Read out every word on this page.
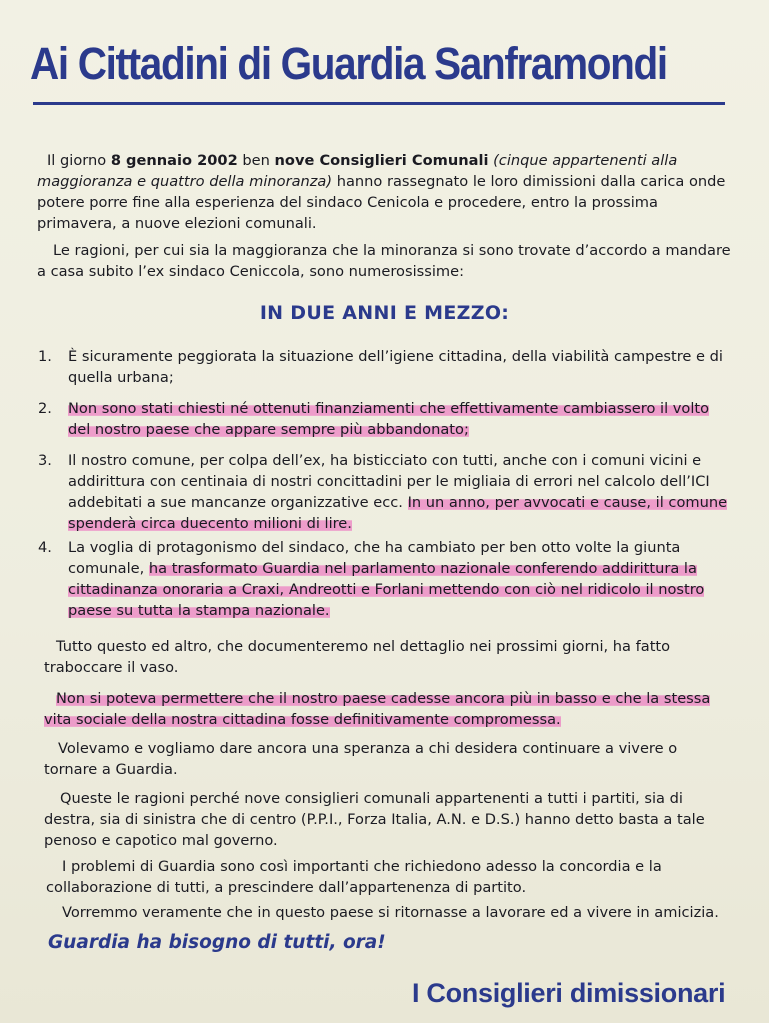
Ai Cittadini di Guardia Sanframondi
Il giorno 8 gennaio 2002 ben nove Consiglieri Comunali (cinque appartenenti alla maggioranza e quattro della minoranza) hanno rassegnato le loro dimissioni dalla carica onde potere porre fine alla esperienza del sindaco Cenicola e procedere, entro la prossima primavera, a nuove elezioni comunali.
Le ragioni, per cui sia la maggioranza che la minoranza si sono trovate d’accordo a mandare a casa subito l’ex sindaco Ceniccola, sono numerosissime:
IN DUE ANNI E MEZZO:
1. È sicuramente peggiorata la situazione dell’igiene cittadina, della viabilità campestre e di quella urbana;
2. Non sono stati chiesti né ottenuti finanziamenti che effettivamente cambiassero il volto del nostro paese che appare sempre più abbandonato;
3. Il nostro comune, per colpa dell’ex, ha bisticciato con tutti, anche con i comuni vicini e addirittura con centinaia di nostri concittadini per le migliaia di errori nel calcolo dell’ICI addebitati a sue mancanze organizzative ecc. In un anno, per avvocati e cause, il comune spenderà circa duecento milioni di lire.
4. La voglia di protagonismo del sindaco, che ha cambiato per ben otto volte la giunta comunale, ha trasformato Guardia nel parlamento nazionale conferendo addirittura la cittadinanza onoraria a Craxi, Andreotti e Forlani mettendo con ciò nel ridicolo il nostro paese su tutta la stampa nazionale.
Tutto questo ed altro, che documenteremo nel dettaglio nei prossimi giorni, ha fatto traboccare il vaso.
Non si poteva permettere che il nostro paese cadesse ancora più in basso e che la stessa vita sociale della nostra cittadina fosse definitivamente compromessa.
Volevamo e vogliamo dare ancora una speranza a chi desidera continuare a vivere o tornare a Guardia.
Queste le ragioni perché nove consiglieri comunali appartenenti a tutti i partiti, sia di destra, sia di sinistra che di centro (P.P.I., Forza Italia, A.N. e D.S.) hanno detto basta a tale penoso e capotico mal governo.
I problemi di Guardia sono così importanti che richiedono adesso la concordia e la collaborazione di tutti, a prescindere dall’appartenenza di partito.
Vorremmo veramente che in questo paese si ritornasse a lavorare ed a vivere in amicizia.
Guardia ha bisogno di tutti, ora!
I Consiglieri dimissionari
